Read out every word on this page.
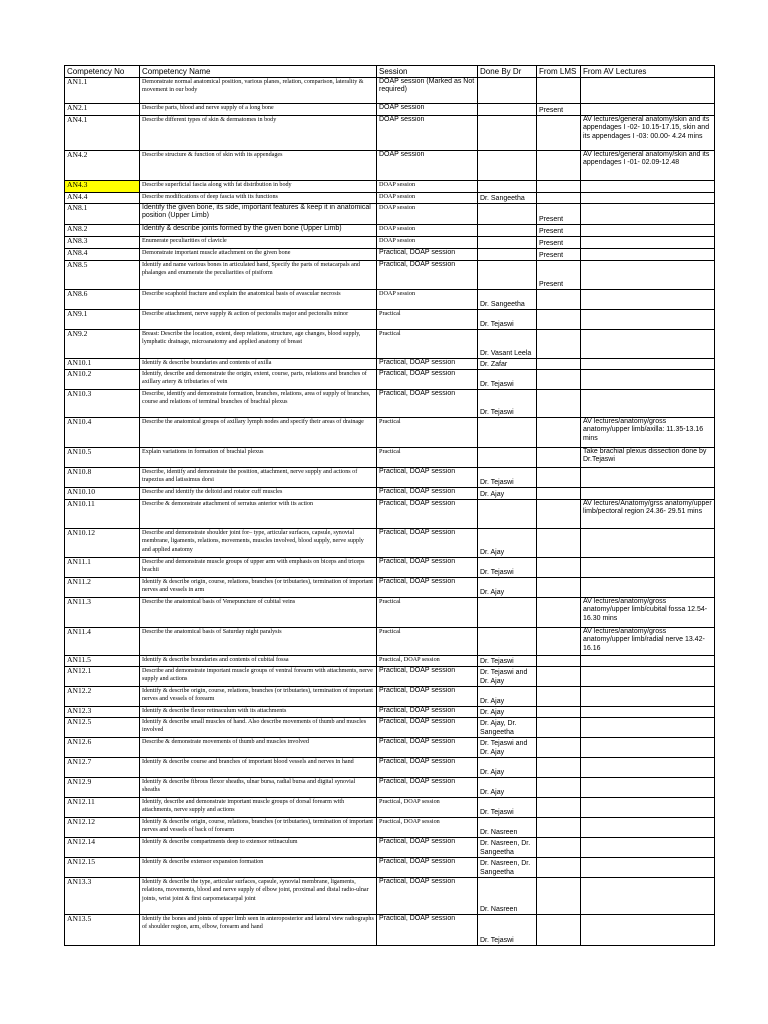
Competency No	Competency Name	Session	Done By Dr	From LMS	From AV Lectures
AN1.1	Demonstrate normal anatomical position, various planes, relation, comparison, laterality & movement in our body	DOAP session (Marked as Not required)			
AN2.1	Describe parts, blood and nerve supply of a long bone	DOAP session		Present	
AN4.1	Describe different types of skin & dermatomes in body	DOAP session			AV lectures/general anatomy/skin and its appendages I -02- 10.15-17.15, skin and its appendages I -03: 00.00- 4.24 mins
AN4.2	Describe structure & function of skin with its appendages	DOAP session			AV lectures/general anatomy/skin and its appendages I -01- 02.09-12.48
AN4.3	Describe superficial fascia along with fat distribution in body	DOAP session			
AN4.4	Describe modifications of deep fascia with its functions	DOAP session	Dr. Sangeetha		
AN8.1	Identify the given bone, its side, important features & keep it in anatomical position (Upper Limb)	DOAP session		Present	
AN8.2	Identify & describe joints formed by the given bone (Upper Limb)	DOAP session		Present	
AN8.3	Enumerate peculiarities of clavicle	DOAP session		Present	
AN8.4	Demonstrate important muscle attachment on the given bone	Practical, DOAP session		Present	
AN8.5	Identify and name various bones in articulated hand, Specify the parts of metacarpals and phalanges and enumerate the peculiarities of pisiform	Practical, DOAP session		Present	
AN8.6	Describe scaphoid fracture and explain the anatomical basis of avascular necrosis	DOAP session	Dr. Sangeetha		
AN9.1	Describe attachment, nerve supply & action of pectoralis major and pectoralis minor	Practical	Dr. Tejaswi		
AN9.2	Breast: Describe the location, extent, deep relations, structure, age changes, blood supply, lymphatic drainage, microanatomy and applied anatomy of breast	Practical	Dr. Vasant Leela		
AN10.1	Identify & describe boundaries and contents of axilla	Practical, DOAP session	Dr. Zafar		
AN10.2	Identify, describe and demonstrate the origin, extent, course, parts, relations and branches of axillary artery & tributaries of vein	Practical, DOAP session	Dr. Tejaswi		
AN10.3	Describe, identify and demonstrate formation, branches, relations, area of supply of branches, course and relations of terminal branches of brachial plexus	Practical, DOAP session	Dr. Tejaswi		
AN10.4	Describe the anatomical groups of axillary lymph nodes and specify their areas of drainage	Practical			AV lectures/anatomy/gross anatomy/upper limb/axilla: 11.35-13.16 mins
AN10.5	Explain variations in formation of brachial plexus	Practical			Take brachial plexus dissection done by Dr.Tejaswi
AN10.8	Describe, identify and demonstrate the position, attachment, nerve supply and actions of trapezius and latissimus dorsi	Practical, DOAP session	Dr. Tejaswi		
AN10.10	Describe and identify the deltoid and rotator cuff muscles	Practical, DOAP session	Dr. Ajay		
AN10.11	Describe & demonstrate attachment of serratus anterior with its action	Practical, DOAP session			AV lectures/Anatomy/grss anatomy/upper limb/pectoral region 24.36- 29.51 mins
AN10.12	Describe and demonstrate shoulder joint for– type, articular surfaces, capsule, synovial membrane, ligaments, relations, movements, muscles involved, blood supply, nerve supply and applied anatomy	Practical, DOAP session	Dr. Ajay		
AN11.1	Describe and demonstrate muscle groups of upper arm with emphasis on biceps and triceps brachii	Practical, DOAP session	Dr. Tejaswi		
AN11.2	Identify & describe origin, course, relations, branches (or tributaries), termination of important nerves and vessels in arm	Practical, DOAP session	Dr. Ajay		
AN11.3	Describe the anatomical basis of Venepuncture of cubital veins	Practical			AV lectures/anatomy/gross anatomy/upper limb/cubital fossa 12.54-16.30 mins
AN11.4	Describe the anatomical basis of Saturday night paralysis	Practical			AV lectures/anatomy/gross anatomy/upper limb/radial nerve 13.42-16.16
AN11.5	Identify & describe boundaries and contents of cubital fossa	Practical, DOAP session	Dr. Tejaswi		
AN12.1	Describe and demonstrate important muscle groups of ventral forearm with attachments, nerve supply and actions	Practical, DOAP session	Dr. Tejaswi and Dr. Ajay		
AN12.2	Identify & describe origin, course, relations, branches (or tributaries), termination of important nerves and vessels of forearm	Practical, DOAP session	Dr. Ajay		
AN12.3	Identify & describe flexor retinaculum with its attachments	Practical, DOAP session	Dr. Ajay		
AN12.5	Identify & describe small muscles of hand. Also describe movements of thumb and muscles involved	Practical, DOAP session	Dr. Ajay, Dr. Sangeetha		
AN12.6	Describe & demonstrate movements of thumb and muscles involved	Practical, DOAP session	Dr. Tejaswi and Dr. Ajay		
AN12.7	Identify & describe course and branches of important blood vessels and nerves in hand	Practical, DOAP session	Dr. Ajay		
AN12.9	Identify & describe fibrous flexor sheaths, ulnar bursa, radial bursa and digital synovial sheaths	Practical, DOAP session	Dr. Ajay		
AN12.11	Identify, describe and demonstrate important muscle groups of dorsal forearm with attachments, nerve supply and actions	Practical, DOAP session	Dr. Tejaswi		
AN12.12	Identify & describe origin, course, relations, branches (or tributaries), termination of important nerves and vessels of back of forearm	Practical, DOAP session	Dr. Nasreen		
AN12.14	Identify & describe compartments deep to extensor retinaculum	Practical, DOAP session	Dr. Nasreen, Dr. Sangeetha		
AN12.15	Identify & describe extensor expansion formation	Practical, DOAP session	Dr. Nasreen, Dr. Sangeetha		
AN13.3	Identify & describe the type, articular surfaces, capsule, synovial membrane, ligaments, relations, movements, blood and nerve supply of elbow joint, proximal and distal radio-ulnar joints, wrist joint & first carpometacarpal joint	Practical, DOAP session	Dr. Nasreen		
AN13.5	Identify the bones and joints of upper limb seen in anteroposterior and lateral view radiographs of shoulder region, arm, elbow, forearm and hand	Practical, DOAP session	Dr. Tejaswi		
